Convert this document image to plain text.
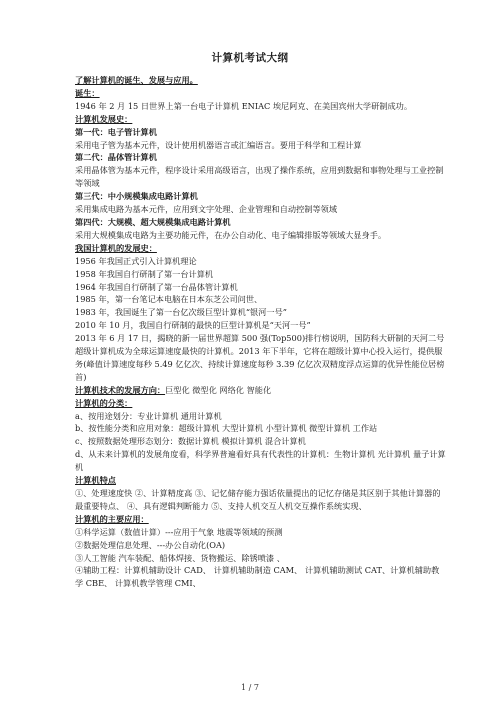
计算机考试大纲
了解计算机的诞生、发展与应用。
诞生：
1946 年 2 月 15 日世界上第一台电子计算机 ENIAC 埃尼阿克、在美国宾州大学研制成功。
计算机发展史：
第一代：电子管计算机
采用电子管为基本元件，设计使用机器语言或汇编语言。要用于科学和工程计算
第二代：晶体管计算机
采用晶体管为基本元件，程序设计采用高级语言，出现了操作系统，应用到数据和事物处理与工业控制等领域
第三代：中小规模集成电路计算机
采用集成电路为基本元件，应用到文字处理、企业管理和自动控制等领域
第四代：大规模、超大规模集成电路计算机
采用大规模集成电路为主要功能元件，在办公自动化、电子编辑排版等领域大显身手。
我国计算机的发展史：
1956 年我国正式引入计算机理论
1958 年我国自行研制了第一台计算机
1964 年我国自行研制了第一台晶体管计算机
1985 年，第一台笔记本电脑在日本东芝公司问世、
1983 年，我国诞生了第一台亿次级巨型计算机“银河一号”
2010 年 10 月，我国自行研制的最快的巨型计算机是“天河一号”
2013 年 6 月 17 日，揭晓的新一届世界超算 500 强(Top500)排行榜说明，国防科大研制的天河二号超级计算机成为全球运算速度最快的计算机。2013 年下半年，它将在超级计算中心投入运行，提供服务(峰值计算速度每秒 5.49 亿亿次、持续计算速度每秒 3.39 亿亿次双精度浮点运算的优异性能位居榜首)
计算机技术的发展方向：巨型化 微型化 网络化 智能化
计算机的分类：
a、按用途划分：专业计算机 通用计算机
b、按性能分类和应用对象：超级计算机 大型计算机 小型计算机 微型计算机 工作站
c、按照数据处理形态划分：数据计算机 模拟计算机 混合计算机
d、从未来计算机的发展角度看，科学界普遍看好具有代表性的计算机：生物计算机 光计算机 量子计算机
计算机特点
①、处理速度快 ②、计算精度高 ③、记忆储存能力强话依量提出的记忆存储是其区别于其他计算器的最重要特点、 ④、具有逻辑判断能力 ⑤、支持人机交互人机交互操作系统实现、
计算机的主要应用：
①科学运算（数值计算）---应用于气象 地震等领域的预测
②数据处理信息处理、---办公自动化(OA)
③人工智能 汽车装配、船体焊接、货物搬运、除锈喷漆 、
④辅助工程：计算机辅助设计 CAD、 计算机辅助制造 CAM、 计算机辅助测试 CAT、计算机辅助教学 CBE、 计算机教学管理 CMI、
1 / 7
